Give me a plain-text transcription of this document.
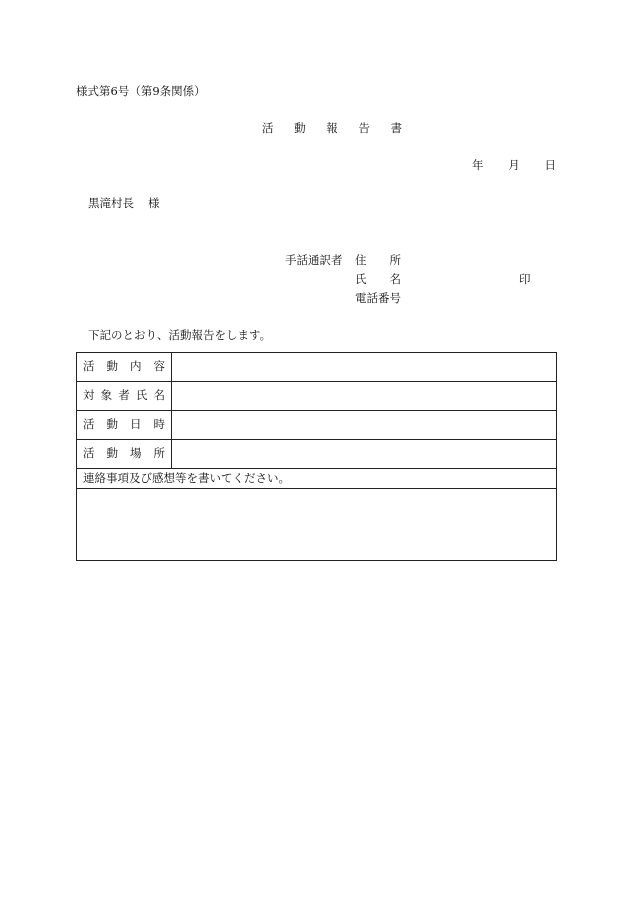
様式第6号（第9条関係）
活 動 報 告 書
年 月 日
黒滝村長 様
手話通訳者 住 所
氏 名	印
電話番号
下記のとおり、活動報告をします。
活 動 内 容	

対 象 者 氏 名	

活 動 日 時	

活 動 場 所	

連絡事項及び感想等を書いてください。	
